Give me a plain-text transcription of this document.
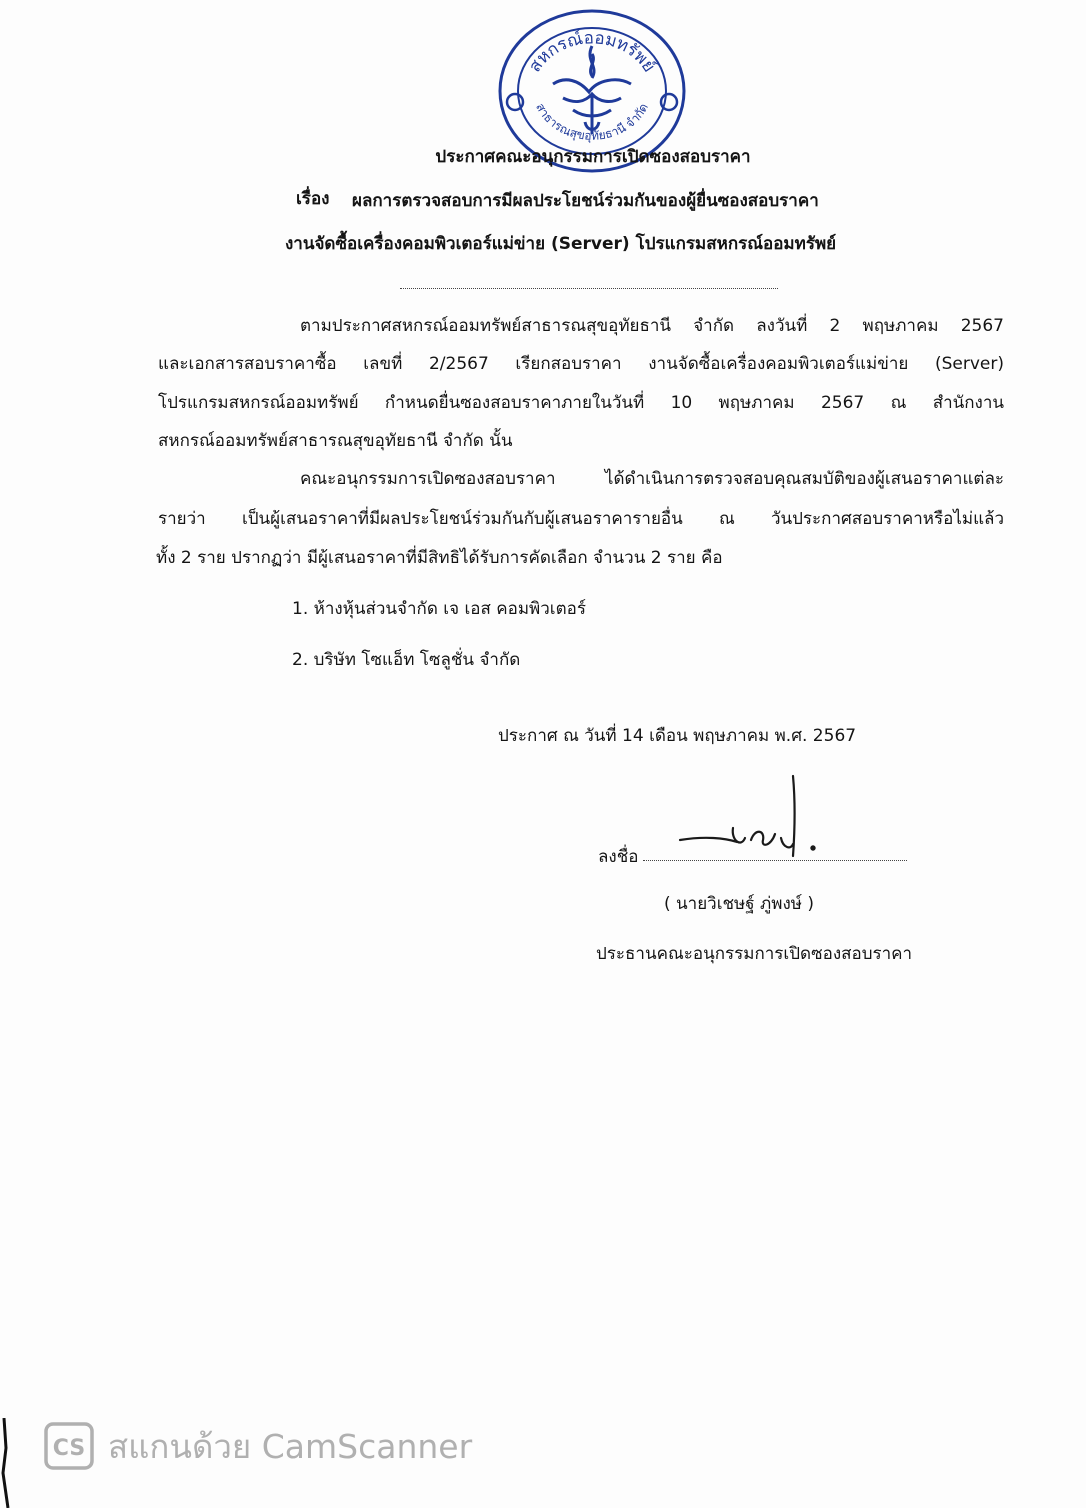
สหกรณ์ออมทรัพย์
สาธารณสุขอุทัยธานี จำกัด
ประกาศคณะอนุกรรมการเปิดซองสอบราคา
เรื่อง ผลการตรวจสอบการมีผลประโยชน์ร่วมกันของผู้ยื่นซองสอบราคา
งานจัดซื้อเครื่องคอมพิวเตอร์แม่ข่าย (Server) โปรแกรมสหกรณ์ออมทรัพย์
ตามประกาศสหกรณ์ออมทรัพย์สาธารณสุขอุทัยธานี จำกัด ลงวันที่ 2 พฤษภาคม 2567
และเอกสารสอบราคาซื้อ เลขที่ 2/2567 เรียกสอบราคา งานจัดซื้อเครื่องคอมพิวเตอร์แม่ข่าย (Server)
โปรแกรมสหกรณ์ออมทรัพย์ กำหนดยื่นซองสอบราคาภายในวันที่ 10 พฤษภาคม 2567 ณ สำนักงาน
สหกรณ์ออมทรัพย์สาธารณสุขอุทัยธานี จำกัด นั้น
คณะอนุกรรมการเปิดซองสอบราคา ได้ดำเนินการตรวจสอบคุณสมบัติของผู้เสนอราคาแต่ละ
รายว่า เป็นผู้เสนอราคาที่มีผลประโยชน์ร่วมกันกับผู้เสนอราคารายอื่น ณ วันประกาศสอบราคาหรือไม่แล้ว
ทั้ง 2 ราย ปรากฏว่า มีผู้เสนอราคาที่มีสิทธิได้รับการคัดเลือก จำนวน 2 ราย คือ
1. ห้างหุ้นส่วนจำกัด เจ เอส คอมพิวเตอร์
2. บริษัท โซแอ็ท โซลูชั่น จำกัด
ประกาศ ณ วันที่ 14 เดือน พฤษภาคม พ.ศ. 2567
ลงชื่อ
( นายวิเชษฐ์ ภู่พงษ์ )
ประธานคณะอนุกรรมการเปิดซองสอบราคา
CS สแกนด้วย CamScanner
